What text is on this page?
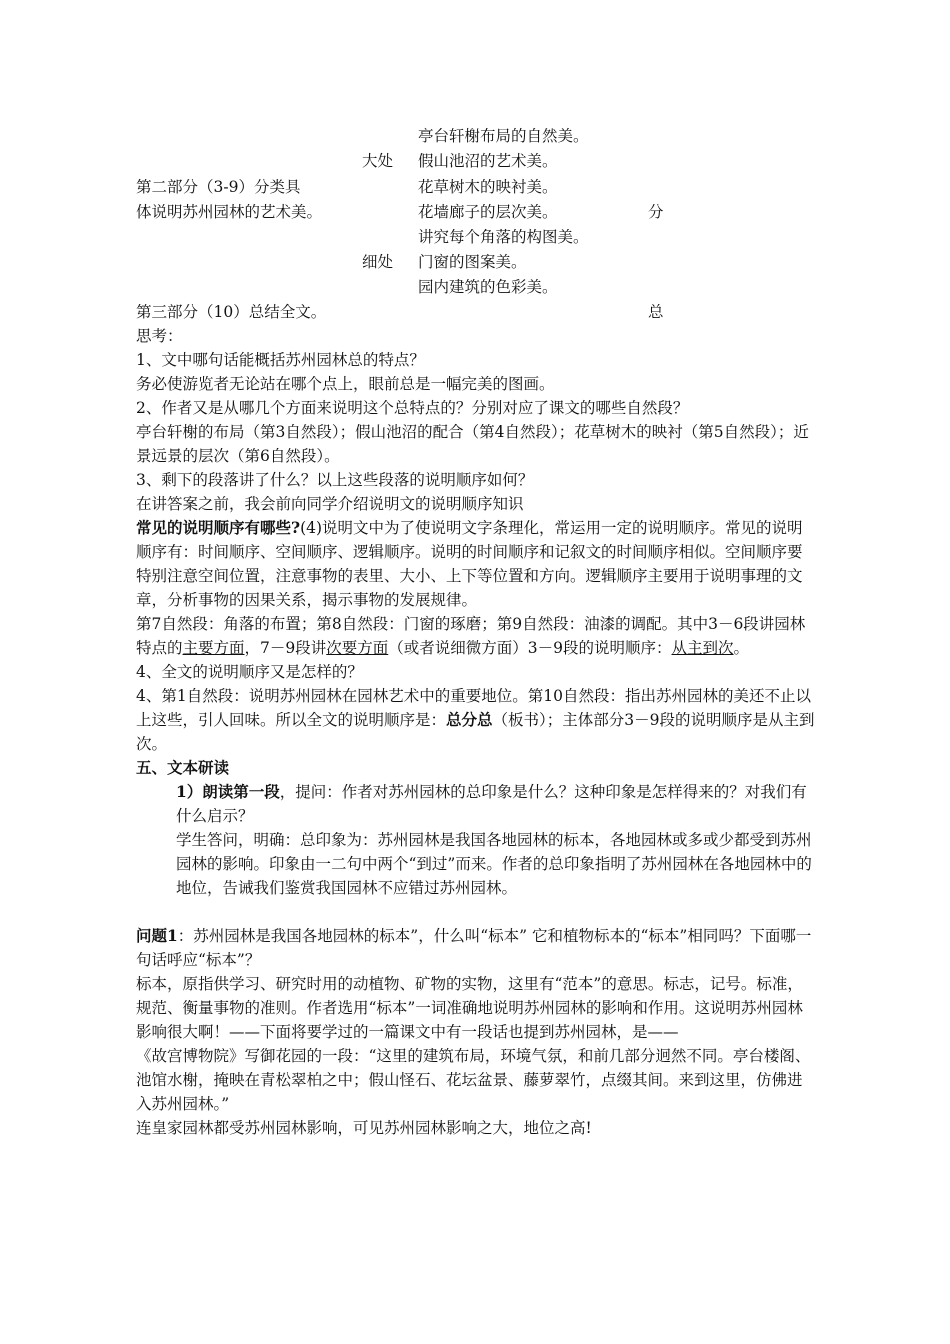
亭台轩榭布局的自然美。
大处 假山池沼的艺术美。
第二部分（3-9）分类具	花草树木的映衬美。
体说明苏州园林的艺术美。	花墙廊子的层次美。	分
讲究每个角落的构图美。
细处 门窗的图案美。
园内建筑的色彩美。
第三部分（10）总结全文。	总

思考：

1、文中哪句话能概括苏州园林总的特点？

务必使游览者无论站在哪个点上，眼前总是一幅完美的图画。

2、作者又是从哪几个方面来说明这个总特点的？分别对应了课文的哪些自然段？

亭台轩榭的布局（第3自然段）；假山池沼的配合（第4自然段）；花草树木的映衬（第5自然段）；近景远景的层次（第6自然段）。

3、剩下的段落讲了什么？以上这些段落的说明顺序如何？

在讲答案之前，我会前向同学介绍说明文的说明顺序知识

常见的说明顺序有哪些?(4)说明文中为了使说明文字条理化，常运用一定的说明顺序。常见的说明顺序有：时间顺序、空间顺序、逻辑顺序。说明的时间顺序和记叙文的时间顺序相似。空间顺序要特别注意空间位置，注意事物的表里、大小、上下等位置和方向。逻辑顺序主要用于说明事理的文章，分析事物的因果关系，揭示事物的发展规律。

第7自然段：角落的布置；第8自然段：门窗的琢磨；第9自然段：油漆的调配。其中3－6段讲园林特点的主要方面，7－9段讲次要方面（或者说细微方面）3－9段的说明顺序：从主到次。

4、全文的说明顺序又是怎样的？

4、第1自然段：说明苏州园林在园林艺术中的重要地位。第10自然段：指出苏州园林的美还不止以上这些，引人回味。所以全文的说明顺序是：总分总（板书）；主体部分3－9段的说明顺序是从主到次。

五、文本研读

1）朗读第一段，提问：作者对苏州园林的总印象是什么？这种印象是怎样得来的？对我们有什么启示？

学生答问，明确：总印象为：苏州园林是我国各地园林的标本，各地园林或多或少都受到苏州园林的影响。印象由一二句中两个“到过”而来。作者的总印象指明了苏州园林在各地园林中的地位，告诫我们鉴赏我国园林不应错过苏州园林。

问题1：苏州园林是我国各地园林的标本”，什么叫“标本” 它和植物标本的“标本”相同吗？下面哪一句话呼应“标本”？

标本，原指供学习、研究时用的动植物、矿物的实物，这里有“范本”的意思。标志，记号。标准，规范、衡量事物的准则。作者选用“标本”一词准确地说明苏州园林的影响和作用。这说明苏州园林影响很大啊！——下面将要学过的一篇课文中有一段话也提到苏州园林，是——

《故宫博物院》写御花园的一段：“这里的建筑布局，环境气氛，和前几部分迥然不同。亭台楼阁、池馆水榭，掩映在青松翠柏之中；假山怪石、花坛盆景、藤萝翠竹，点缀其间。来到这里，仿佛进入苏州园林。”

连皇家园林都受苏州园林影响，可见苏州园林影响之大，地位之高!
